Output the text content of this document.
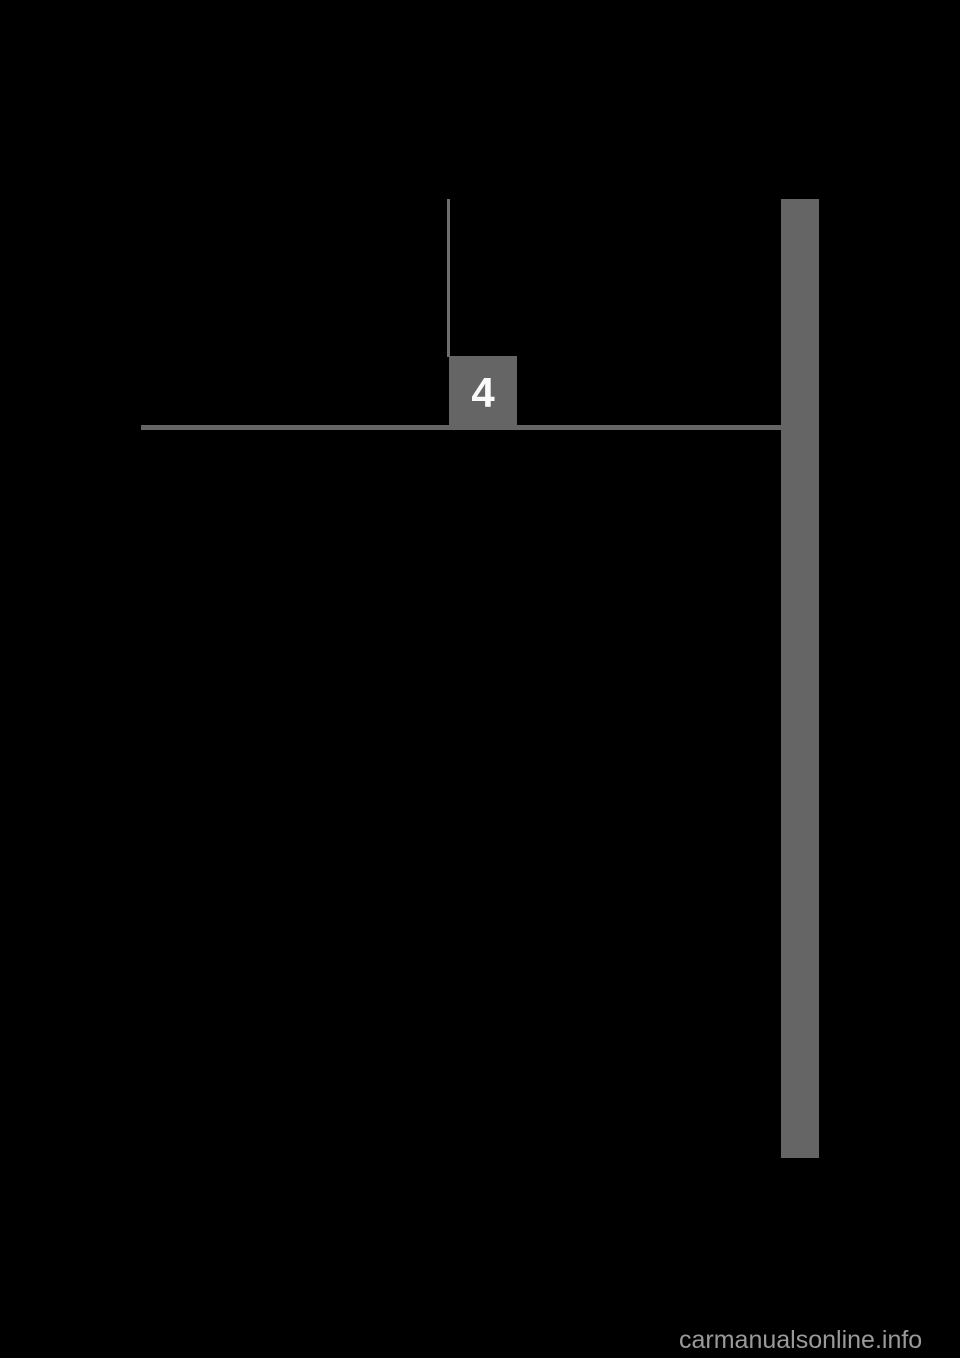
4
carmanualsonline.info
